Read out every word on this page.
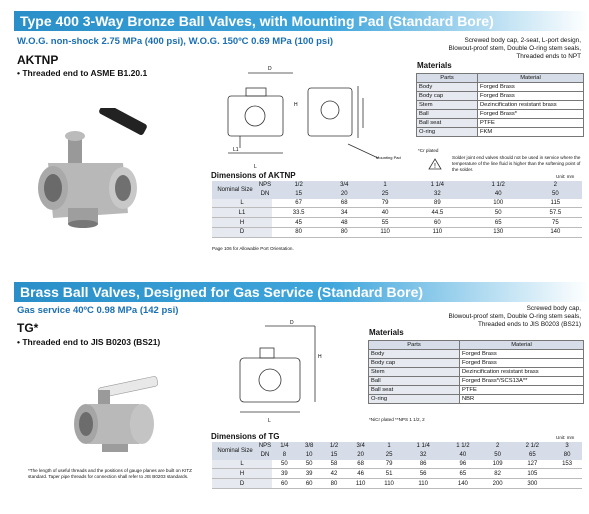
Type 400 3-Way Bronze Ball Valves, with Mounting Pad (Standard Bore)
W.O.G. non-shock 2.75 MPa (400 psi), W.O.G. 150ºC 0.69 MPa (100 psi)
AKTNP
• Threaded end to ASME B1.20.1
Screwed body cap, 2-seat, L-port design,
Blowout-proof stem, Double O-ring stem seals,
Threaded ends to NPT
L
L1
H
D
Mounting Pad
Materials
Parts	Material
Body	Forged Brass
Body cap	Forged Brass
Stem	Dezincification resistant brass
Ball	Forged Brass*
Ball seat	PTFE
O-ring	FKM
*Cr plated
!
Solder joint end valves should not be used in service where the temperature of the line fluid is higher than the softening point of the solder.
Dimensions of AKTNP	Unit: mm
Nominal Size	NPS	1/2	3/4	1	1 1/4	1 1/2	2
	DN	15	20	25	32	40	50
L		67	68	79	89	100	115
L1		33.5	34	40	44.5	50	57.5
H		45	48	55	60	65	75
D		80	80	110	110	130	140
Page 106 for Allowable Port Orientation.
Brass Ball Valves, Designed for Gas Service (Standard Bore)
Gas service 40ºC 0.98 MPa (142 psi)
TG*
• Threaded end to JIS B0203 (BS21)
Screwed body cap,
Blowout-proof stem, Double O-ring stem seals,
Threaded ends to JIS B0203 (BS21)
L
H
D
Materials
Parts	Material
Body	Forged Brass
Body cap	Forged Brass
Stem	Dezincification resistant brass
Ball	Forged Brass*/SCS13A**
Ball seat	PTFE
O-ring	NBR
*NiCr plated **NPS 1 1/2, 2
Dimensions of TG	Unit: mm
Nominal Size	NPS	1/4	3/8	1/2	3/4	1	1 1/4	1 1/2	2	2 1/2	3
	DN	8	10	15	20	25	32	40	50	65	80
L		50	50	58	68	79	86	96	109	127	153
H		39	39	42	46	51	56	65	82	105	
D		60	60	80	110	110	110	140	200	300	
*The length of useful threads and the positions of gauge planes are built on KITZ standard. Taper pipe threads for connection shall refer to JIS B0203 standards.
